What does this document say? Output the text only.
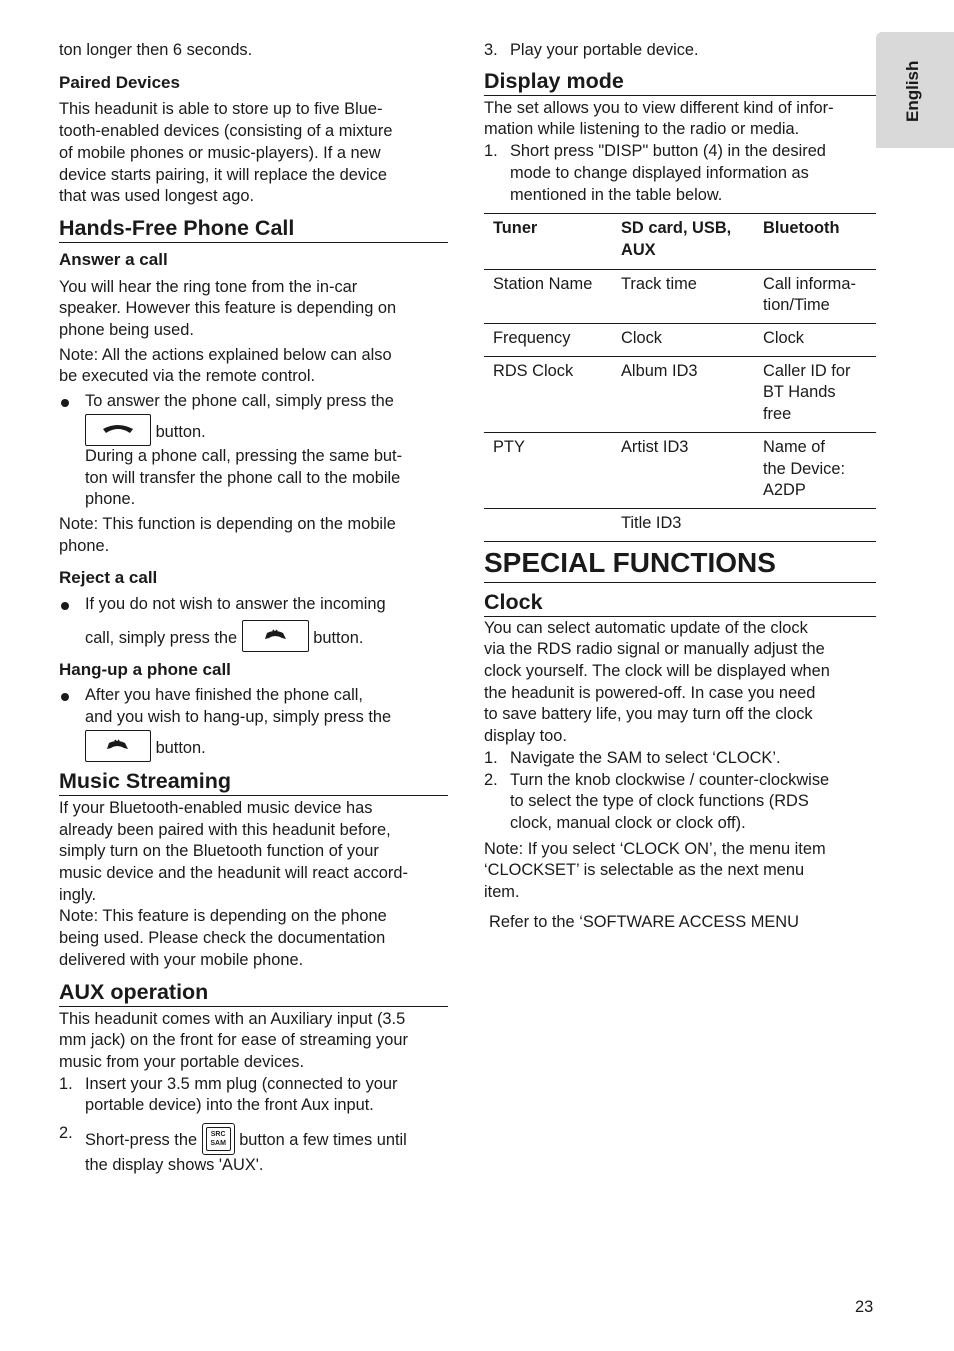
English

ton longer then 6 seconds.

Paired Devices

This headunit is able to store up to five Blue-

tooth-enabled devices (consisting of a mixture

of mobile phones or music-players). If a new

device starts pairing, it will replace the device

that was used longest ago.

Hands-Free Phone Call

Answer a call

You will hear the ring tone from the in-car

speaker. However this feature is depending on

phone being used.

Note: All the actions explained below can also

be executed via the remote control.

To answer the phone call, simply press the

button.

During a phone call, pressing the same but-

ton will transfer the phone call to the mobile

phone.

Note: This function is depending on the mobile

phone.

Reject a call

If you do not wish to answer the incoming

call, simply press the	button.

Hang-up a phone call

After you have finished the phone call,

and you wish to hang-up, simply press the

button.

Music Streaming

If your Bluetooth-enabled music device has

already been paired with this headunit before,

simply turn on the Bluetooth function of your

music device and the headunit will react accord-

ingly.

Note: This feature is depending on the phone

being used. Please check the documentation

delivered with your mobile phone.

AUX operation

This headunit comes with an Auxiliary input (3.5

mm jack) on the front for ease of streaming your

music from your portable devices.

1. Insert your 3.5 mm plug (connected to your

portable device) into the front Aux input.

2. Short-press the	SRC
SAM button a few times until

the display shows 'AUX'.

3. Play your portable device.

Display mode

The set allows you to view different kind of infor-

mation while listening to the radio or media.

1. Short press "DISP" button (4) in the desired

mode to change displayed information as

mentioned in the table below.

Tuner	SD card, USB,
AUX	Bluetooth

Station Name	Track time	Call informa-
tion/Time

Frequency	Clock	Clock

RDS Clock	Album ID3	Caller ID for
BT Hands
free

PTY	Artist ID3	Name of
the Device:
A2DP

	Title ID3	

SPECIAL FUNCTIONS

Clock

You can select automatic update of the clock

via the RDS radio signal or manually adjust the

clock yourself. The clock will be displayed when

the headunit is powered-off. In case you need

to save battery life, you may turn off the clock

display too.

1. Navigate the SAM to select ‘CLOCK’.

2. Turn the knob clockwise / counter-clockwise

to select the type of clock functions (RDS

clock, manual clock or clock off).

Note: If you select ‘CLOCK ON’, the menu item

‘CLOCKSET’ is selectable as the next menu

item.

Refer to the ‘SOFTWARE ACCESS MENU

23
